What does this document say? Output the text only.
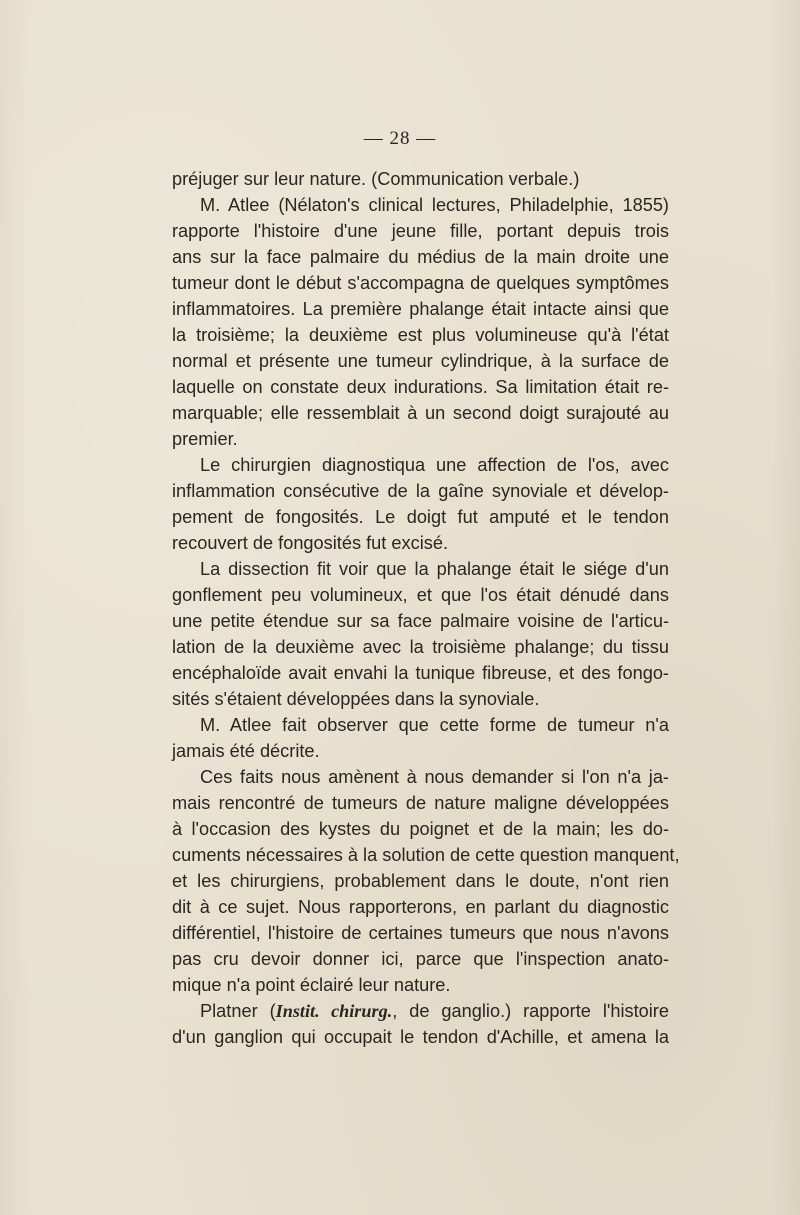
— 28 —
préjuger sur leur nature. (Communication verbale.)
M. Atlee (Nélaton's clinical lectures, Philadelphie, 1855)
rapporte l'histoire d'une jeune fille, portant depuis trois
ans sur la face palmaire du médius de la main droite une
tumeur dont le début s'accompagna de quelques symptômes
inflammatoires. La première phalange était intacte ainsi que
la troisième; la deuxième est plus volumineuse qu'à l'état
normal et présente une tumeur cylindrique, à la surface de
laquelle on constate deux indurations. Sa limitation était re-
marquable; elle ressemblait à un second doigt surajouté au
premier.
Le chirurgien diagnostiqua une affection de l'os, avec
inflammation consécutive de la gaîne synoviale et dévelop-
pement de fongosités. Le doigt fut amputé et le tendon
recouvert de fongosités fut excisé.
La dissection fit voir que la phalange était le siége d'un
gonflement peu volumineux, et que l'os était dénudé dans
une petite étendue sur sa face palmaire voisine de l'articu-
lation de la deuxième avec la troisième phalange; du tissu
encéphaloïde avait envahi la tunique fibreuse, et des fongo-
sités s'étaient développées dans la synoviale.
M. Atlee fait observer que cette forme de tumeur n'a
jamais été décrite.
Ces faits nous amènent à nous demander si l'on n'a ja-
mais rencontré de tumeurs de nature maligne développées
à l'occasion des kystes du poignet et de la main; les do-
cuments nécessaires à la solution de cette question manquent,
et les chirurgiens, probablement dans le doute, n'ont rien
dit à ce sujet. Nous rapporterons, en parlant du diagnostic
différentiel, l'histoire de certaines tumeurs que nous n'avons
pas cru devoir donner ici, parce que l'inspection anato-
mique n'a point éclairé leur nature.
Platner (Instit. chirurg., de ganglio.) rapporte l'histoire
d'un ganglion qui occupait le tendon d'Achille, et amena la
